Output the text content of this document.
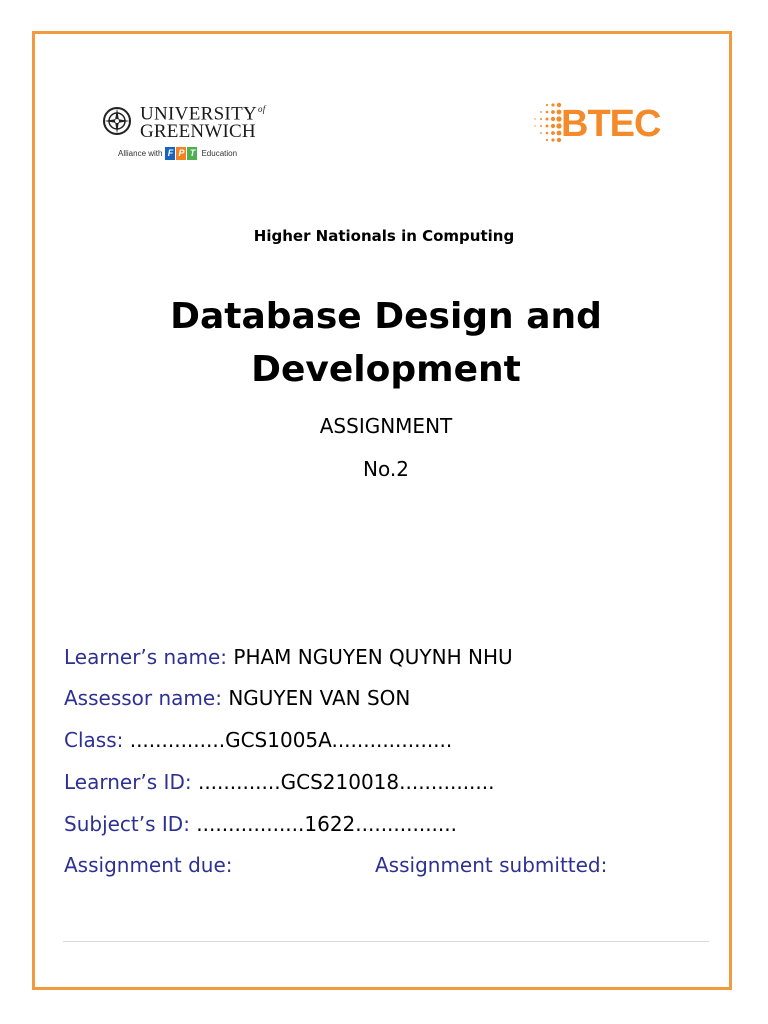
$UNIVERSITY^{of}$
GREENWICH
Alliance with F P T Education
BTEC
Higher Nationals in Computing
Database Design and
Development
ASSIGNMENT
No.2
Learner’s name: PHAM NGUYEN QUYNH NHU
Assessor name: NGUYEN VAN SON
Class: ...............GCS1005A...................
Learner’s ID: .............GCS210018...............
Subject’s ID: .................1622................
Assignment due:	Assignment submitted:
